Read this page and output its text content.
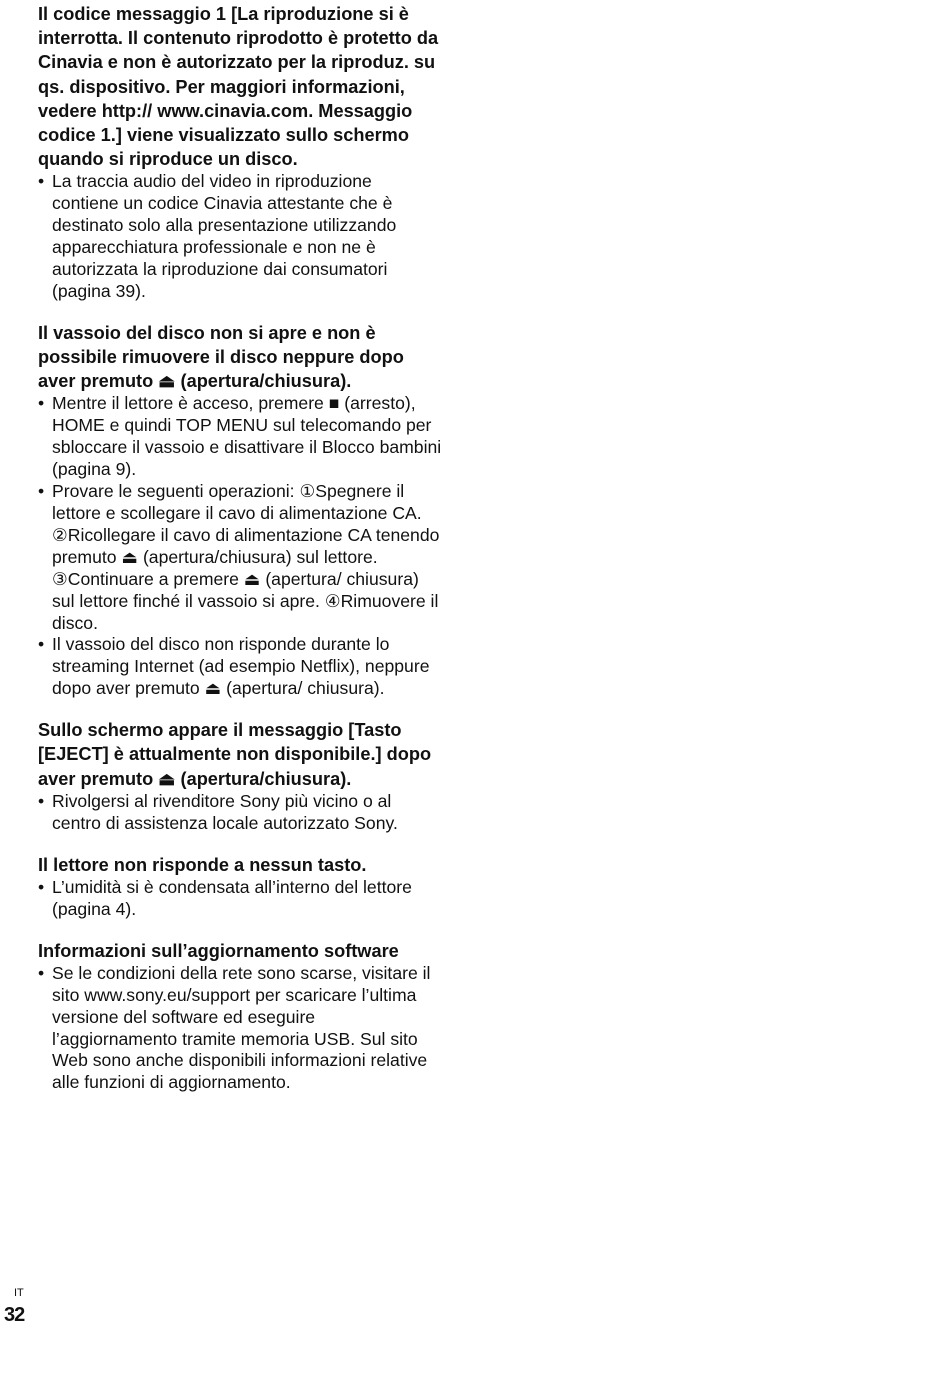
Il codice messaggio 1 [La riproduzione si è interrotta. Il contenuto riprodotto è protetto da Cinavia e non è autorizzato per la riproduz. su qs. dispositivo. Per maggiori informazioni, vedere http:// www.cinavia.com. Messaggio codice 1.] viene visualizzato sullo schermo quando si riproduce un disco.

• La traccia audio del video in riproduzione contiene un codice Cinavia attestante che è destinato solo alla presentazione utilizzando apparecchiatura professionale e non ne è autorizzata la riproduzione dai consumatori (pagina 39).

Il vassoio del disco non si apre e non è possibile rimuovere il disco neppure dopo aver premuto ⏏ (apertura/chiusura).

• Mentre il lettore è acceso, premere ■ (arresto), HOME e quindi TOP MENU sul telecomando per sbloccare il vassoio e disattivare il Blocco bambini (pagina 9).
• Provare le seguenti operazioni: ①Spegnere il lettore e scollegare il cavo di alimentazione CA. ②Ricollegare il cavo di alimentazione CA tenendo premuto ⏏ (apertura/chiusura) sul lettore. ③Continuare a premere ⏏ (apertura/ chiusura) sul lettore finché il vassoio si apre. ④Rimuovere il disco.
• Il vassoio del disco non risponde durante lo streaming Internet (ad esempio Netflix), neppure dopo aver premuto ⏏ (apertura/ chiusura).

Sullo schermo appare il messaggio [Tasto [EJECT] è attualmente non disponibile.] dopo aver premuto ⏏ (apertura/chiusura).

• Rivolgersi al rivenditore Sony più vicino o al centro di assistenza locale autorizzato Sony.

Il lettore non risponde a nessun tasto.

• L’umidità si è condensata all’interno del lettore (pagina 4).

Informazioni sull’aggiornamento software

• Se le condizioni della rete sono scarse, visitare il sito www.sony.eu/support per scaricare l’ultima versione del software ed eseguire l’aggiornamento tramite memoria USB. Sul sito Web sono anche disponibili informazioni relative alle funzioni di aggiornamento.
IT
32
